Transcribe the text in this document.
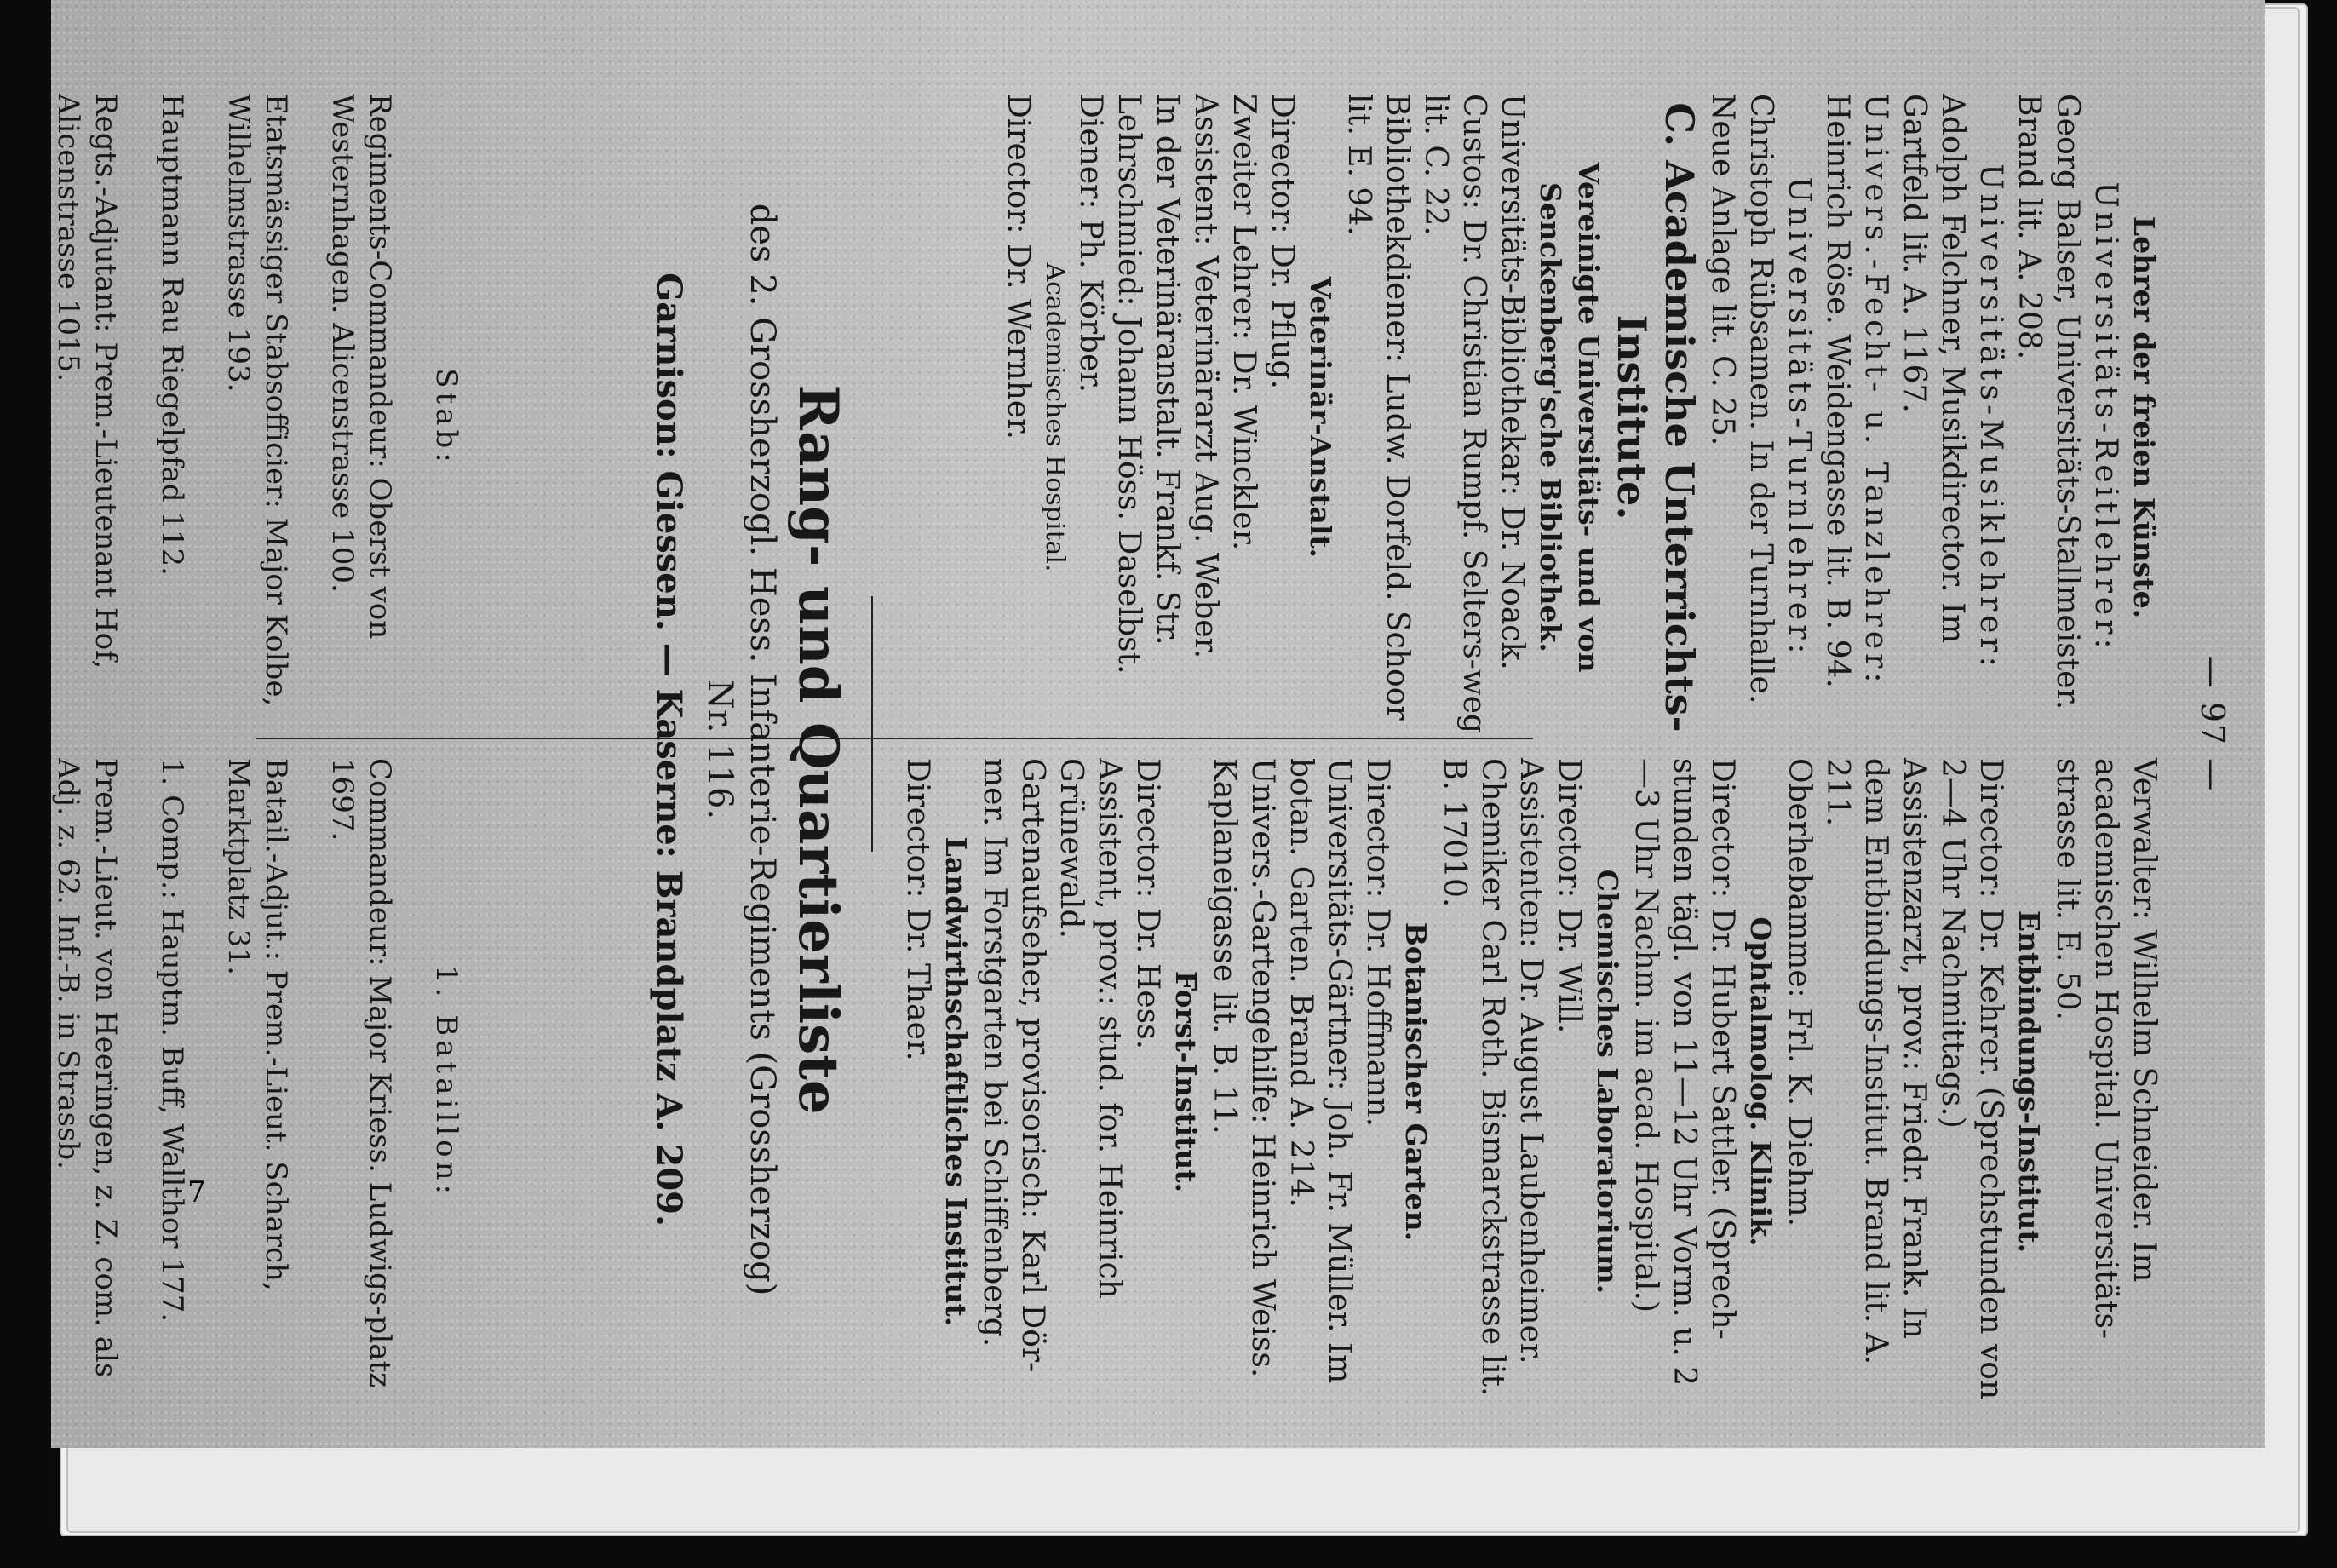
— 97 —

Lehrer der freien Künste.

Universitäts-Reitlehrer:

Georg Balser, Universitäts-Stallmeister. Brand lit. A. 208.

Universitäts-Musiklehrer:

Adolph Felchner, Musikdirector. Im Gartfeld lit. A. 1167.

Univers.-Fecht- u. Tanzlehrer:

Heinrich Röse. Weidengasse lit. B. 94.

Universitäts-Turnlehrer:

Christoph Rübsamen. In der Turnhalle. Neue Anlage lit. C. 25.

C. Academische Unterrichts-Institute.

Vereinigte Universitäts- und von Senckenberg'sche Bibliothek.

Universitäts-Bibliothekar: Dr. Noack.

Custos: Dr. Christian Rumpf. Selters-weg lit. C. 22.

Bibliothekdiener: Ludw. Dorfeld. Schoor lit. E. 94.

Veterinär-Anstalt.

Director: Dr. Pflug.

Zweiter Lehrer: Dr. Winckler.

Assistent: Veterinärarzt Aug. Weber.

In der Veterinäranstalt. Frankf. Str.

Lehrschmied: Johann Höss. Daselbst.

Diener: Ph. Körber.

Academisches Hospital.

Director: Dr. Wernher.

Verwalter: Wilhelm Schneider. Im academischen Hospital. Universitäts-strasse lit. E. 50.

Entbindungs-Institut.

Director: Dr. Kehrer. (Sprechstunden von 2—4 Uhr Nachmittags.)

Assistenzarzt, prov.: Friedr. Frank. In dem Entbindungs-Institut. Brand lit. A. 211.

Oberhebamme: Frl. K. Diehm.

Ophtalmolog. Klinik.

Director: Dr. Hubert Sattler. (Sprech-stunden tägl. von 11—12 Uhr Vorm. u. 2—3 Uhr Nachm. im acad. Hospital.)

Chemisches Laboratorium.

Director: Dr. Will.

Assistenten: Dr. August Laubenheimer.

Chemiker Carl Roth. Bismarckstrasse lit. B. 17010.

Botanischer Garten.

Director: Dr. Hoffmann.

Universitäts-Gärtner: Joh. Fr. Müller. Im botan. Garten. Brand A. 214.

Univers.-Gartengehilfe: Heinrich Weiss. Kaplaneigasse lit. B. 11.

Forst-Institut.

Director: Dr. Hess.

Assistent, prov.: stud. for. Heinrich Grünewald.

Gartenaufseher, provisorisch: Karl Dör-mer. Im Forstgarten bei Schiffenberg.

Landwirthschaftliches Institut.

Director: Dr. Thaer.

Rang- und Quartierliste
des 2. Grossherzogl. Hess. Infanterie-Regiments (Grossherzog)
Nr. 116.
Garnison: Giessen. — Kaserne: Brandplatz A. 209.

Stab:

Regiments-Commandeur: Oberst von Westernhagen. Alicenstrasse 100.

Etatsmässiger Stabsofficier: Major Kolbe, Wilhelmstrasse 193.

Hauptmann Rau Riegelpfad 112.

Regts.-Adjutant: Prem.-Lieutenant Hof, Alicenstrasse 1015.

1. Bataillon:

Commandeur: Major Kriess. Ludwigs-platz 1697.

Batail.-Adjut.: Prem.-Lieut. Scharch, Marktplatz 31.

1. Comp.: Hauptm. Buff, Wallthor 177.

Prem.-Lieut. von Heeringen, z. Z. com. als Adj. z. 62. Inf.-B. in Strassb.

7
